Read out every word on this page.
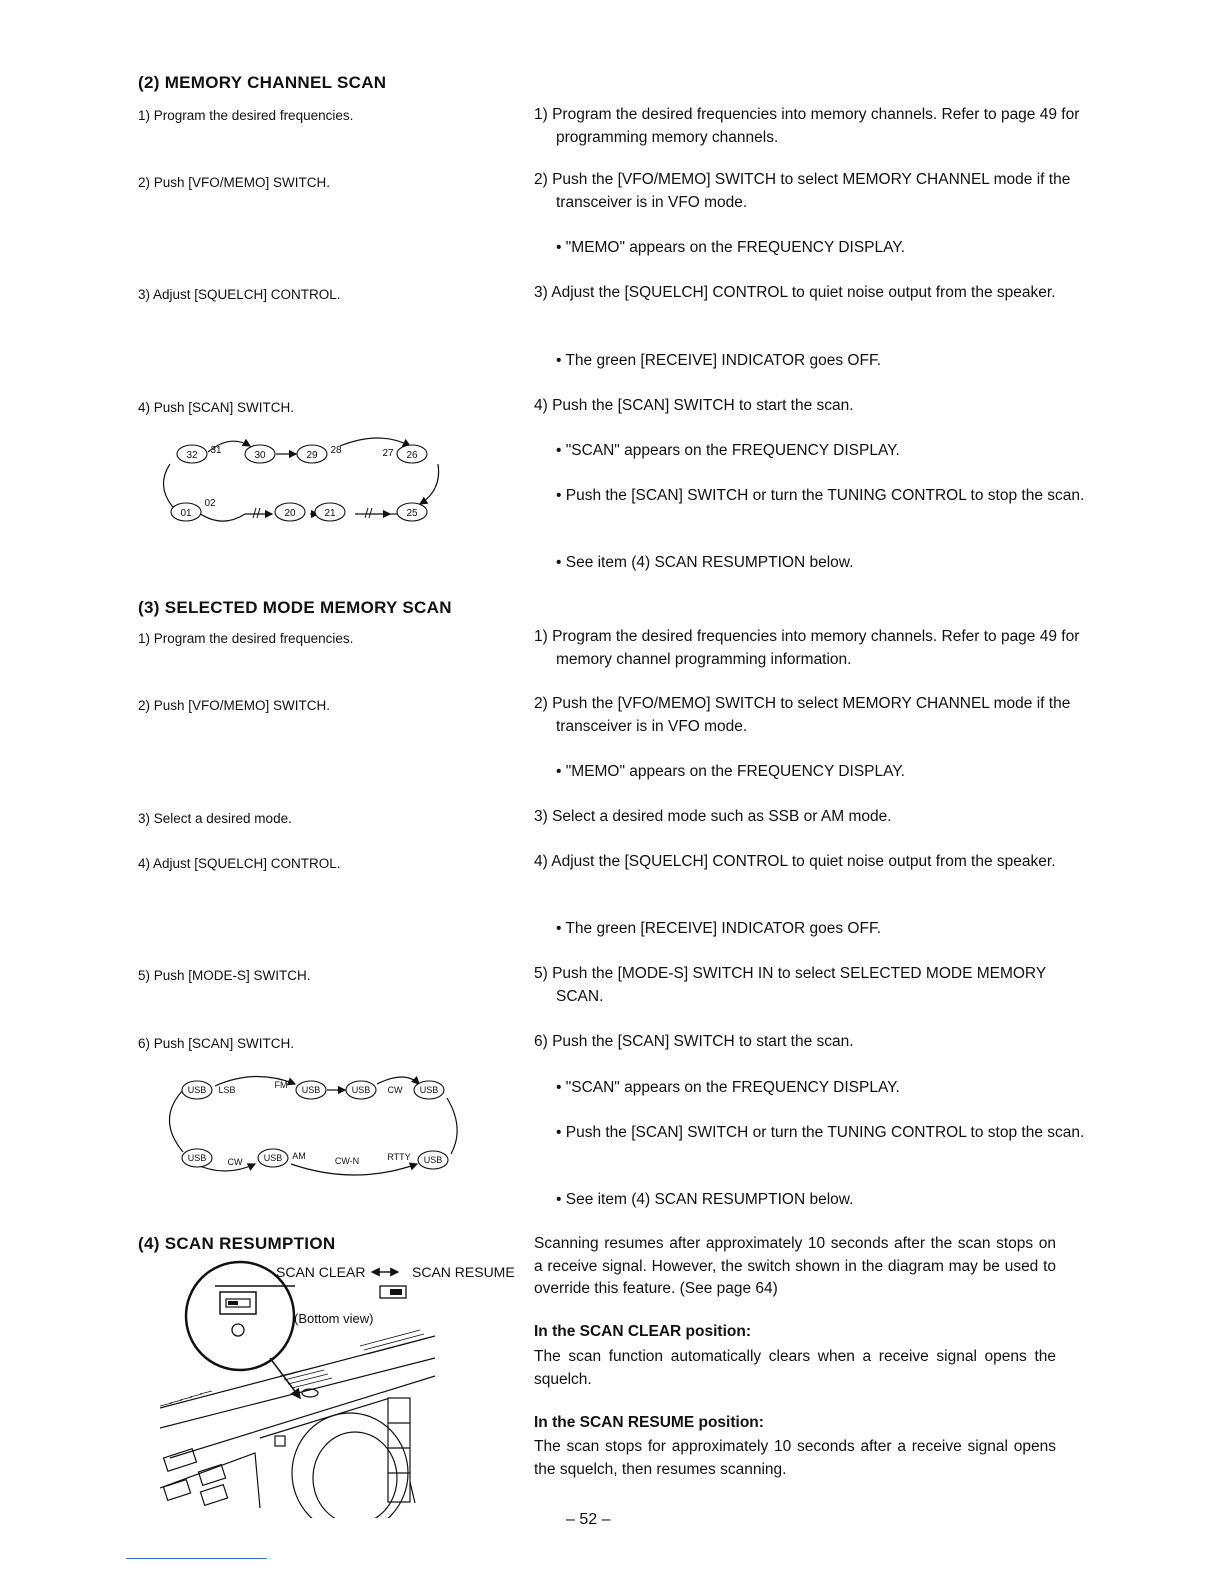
(2) MEMORY CHANNEL SCAN
1) Program the desired frequencies.
2) Push [VFO/MEMO] SWITCH.
3) Adjust [SQUELCH] CONTROL.
4) Push [SCAN] SWITCH.
1) Program the desired frequencies into memory channels. Refer to page 49 for programming memory channels.
2) Push the [VFO/MEMO] SWITCH to select MEMORY CHANNEL mode if the transceiver is in VFO mode.
• "MEMO" appears on the FREQUENCY DISPLAY.
3) Adjust the [SQUELCH] CONTROL to quiet noise output from the speaker.
• The green [RECEIVE] INDICATOR goes OFF.
4) Push the [SCAN] SWITCH to start the scan.
• "SCAN" appears on the FREQUENCY DISPLAY.
• Push the [SCAN] SWITCH or turn the TUNING CONTROL to stop the scan.
• See item (4) SCAN RESUMPTION below.
32 31	30	29 28	26
27
01
02
20	21	25
(3) SELECTED MODE MEMORY SCAN
1) Program the desired frequencies.
2) Push [VFO/MEMO] SWITCH.
3) Select a desired mode.
4) Adjust [SQUELCH] CONTROL.
5) Push [MODE-S] SWITCH.
6) Push [SCAN] SWITCH.
1) Program the desired frequencies into memory channels. Refer to page 49 for memory channel programming information.
2) Push the [VFO/MEMO] SWITCH to select MEMORY CHANNEL mode if the transceiver is in VFO mode.
• "MEMO" appears on the FREQUENCY DISPLAY.
3) Select a desired mode such as SSB or AM mode.
4) Adjust the [SQUELCH] CONTROL to quiet noise output from the speaker.
• The green [RECEIVE] INDICATOR goes OFF.
5) Push the [MODE-S] SWITCH IN to select SELECTED MODE MEMORY SCAN.
6) Push the [SCAN] SWITCH to start the scan.
• "SCAN" appears on the FREQUENCY DISPLAY.
• Push the [SCAN] SWITCH or turn the TUNING CONTROL to stop the scan.
• See item (4) SCAN RESUMPTION below.
USB	USB	USB	USB
LSB	FM	CW
USB	USB	USB
CW
AM	CW-N	RTTY
(4) SCAN RESUMPTION
SCAN CLEAR	SCAN RESUME
(Bottom view)
Scanning resumes after approximately 10 seconds after the scan stops on a receive signal. However, the switch shown in the diagram may be used to override this feature. (See page 64)
In the SCAN CLEAR position:
The scan function automatically clears when a receive signal opens the squelch.
In the SCAN RESUME position:
The scan stops for approximately 10 seconds after a receive signal opens the squelch, then resumes scanning.
– 52 –
